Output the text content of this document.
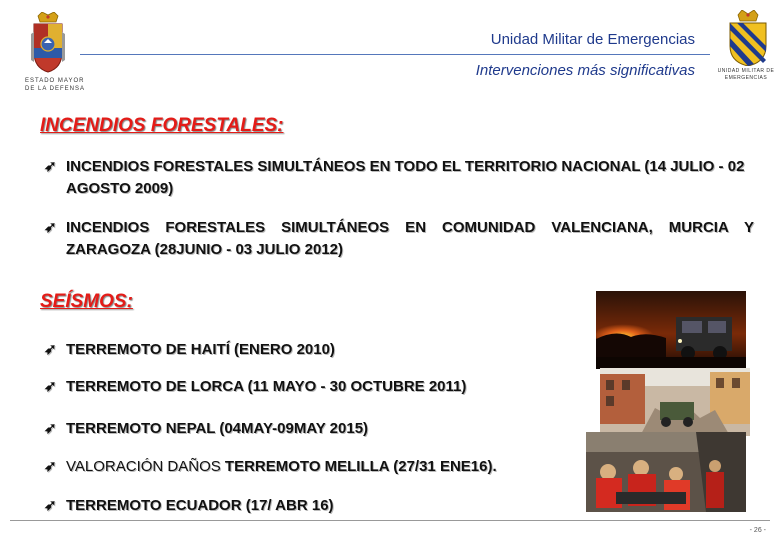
ESTADO MAYOR DE LA DEFENSA
Unidad Militar de Emergencias
Intervenciones más significativas	UNIDAD MILITAR DE EMERGENCIAS
INCENDIOS FORESTALES:
➶ INCENDIOS FORESTALES SIMULTÁNEOS EN TODO EL TERRITORIO NACIONAL (14 JULIO - 02 AGOSTO 2009)
➶ INCENDIOS FORESTALES SIMULTÁNEOS EN COMUNIDAD VALENCIANA, MURCIA Y ZARAGOZA (28JUNIO - 03 JULIO 2012)
SEÍSMOS:
➶ TERREMOTO DE HAITÍ (ENERO 2010)
➶ TERREMOTO DE LORCA (11 MAYO - 30 OCTUBRE 2011)
➶ TERREMOTO NEPAL (04MAY-09MAY 2015)
➶ VALORACIÓN DAÑOS TERREMOTO MELILLA (27/31 ENE16).
➶ TERREMOTO ECUADOR (17/ ABR 16)
- 26 -
